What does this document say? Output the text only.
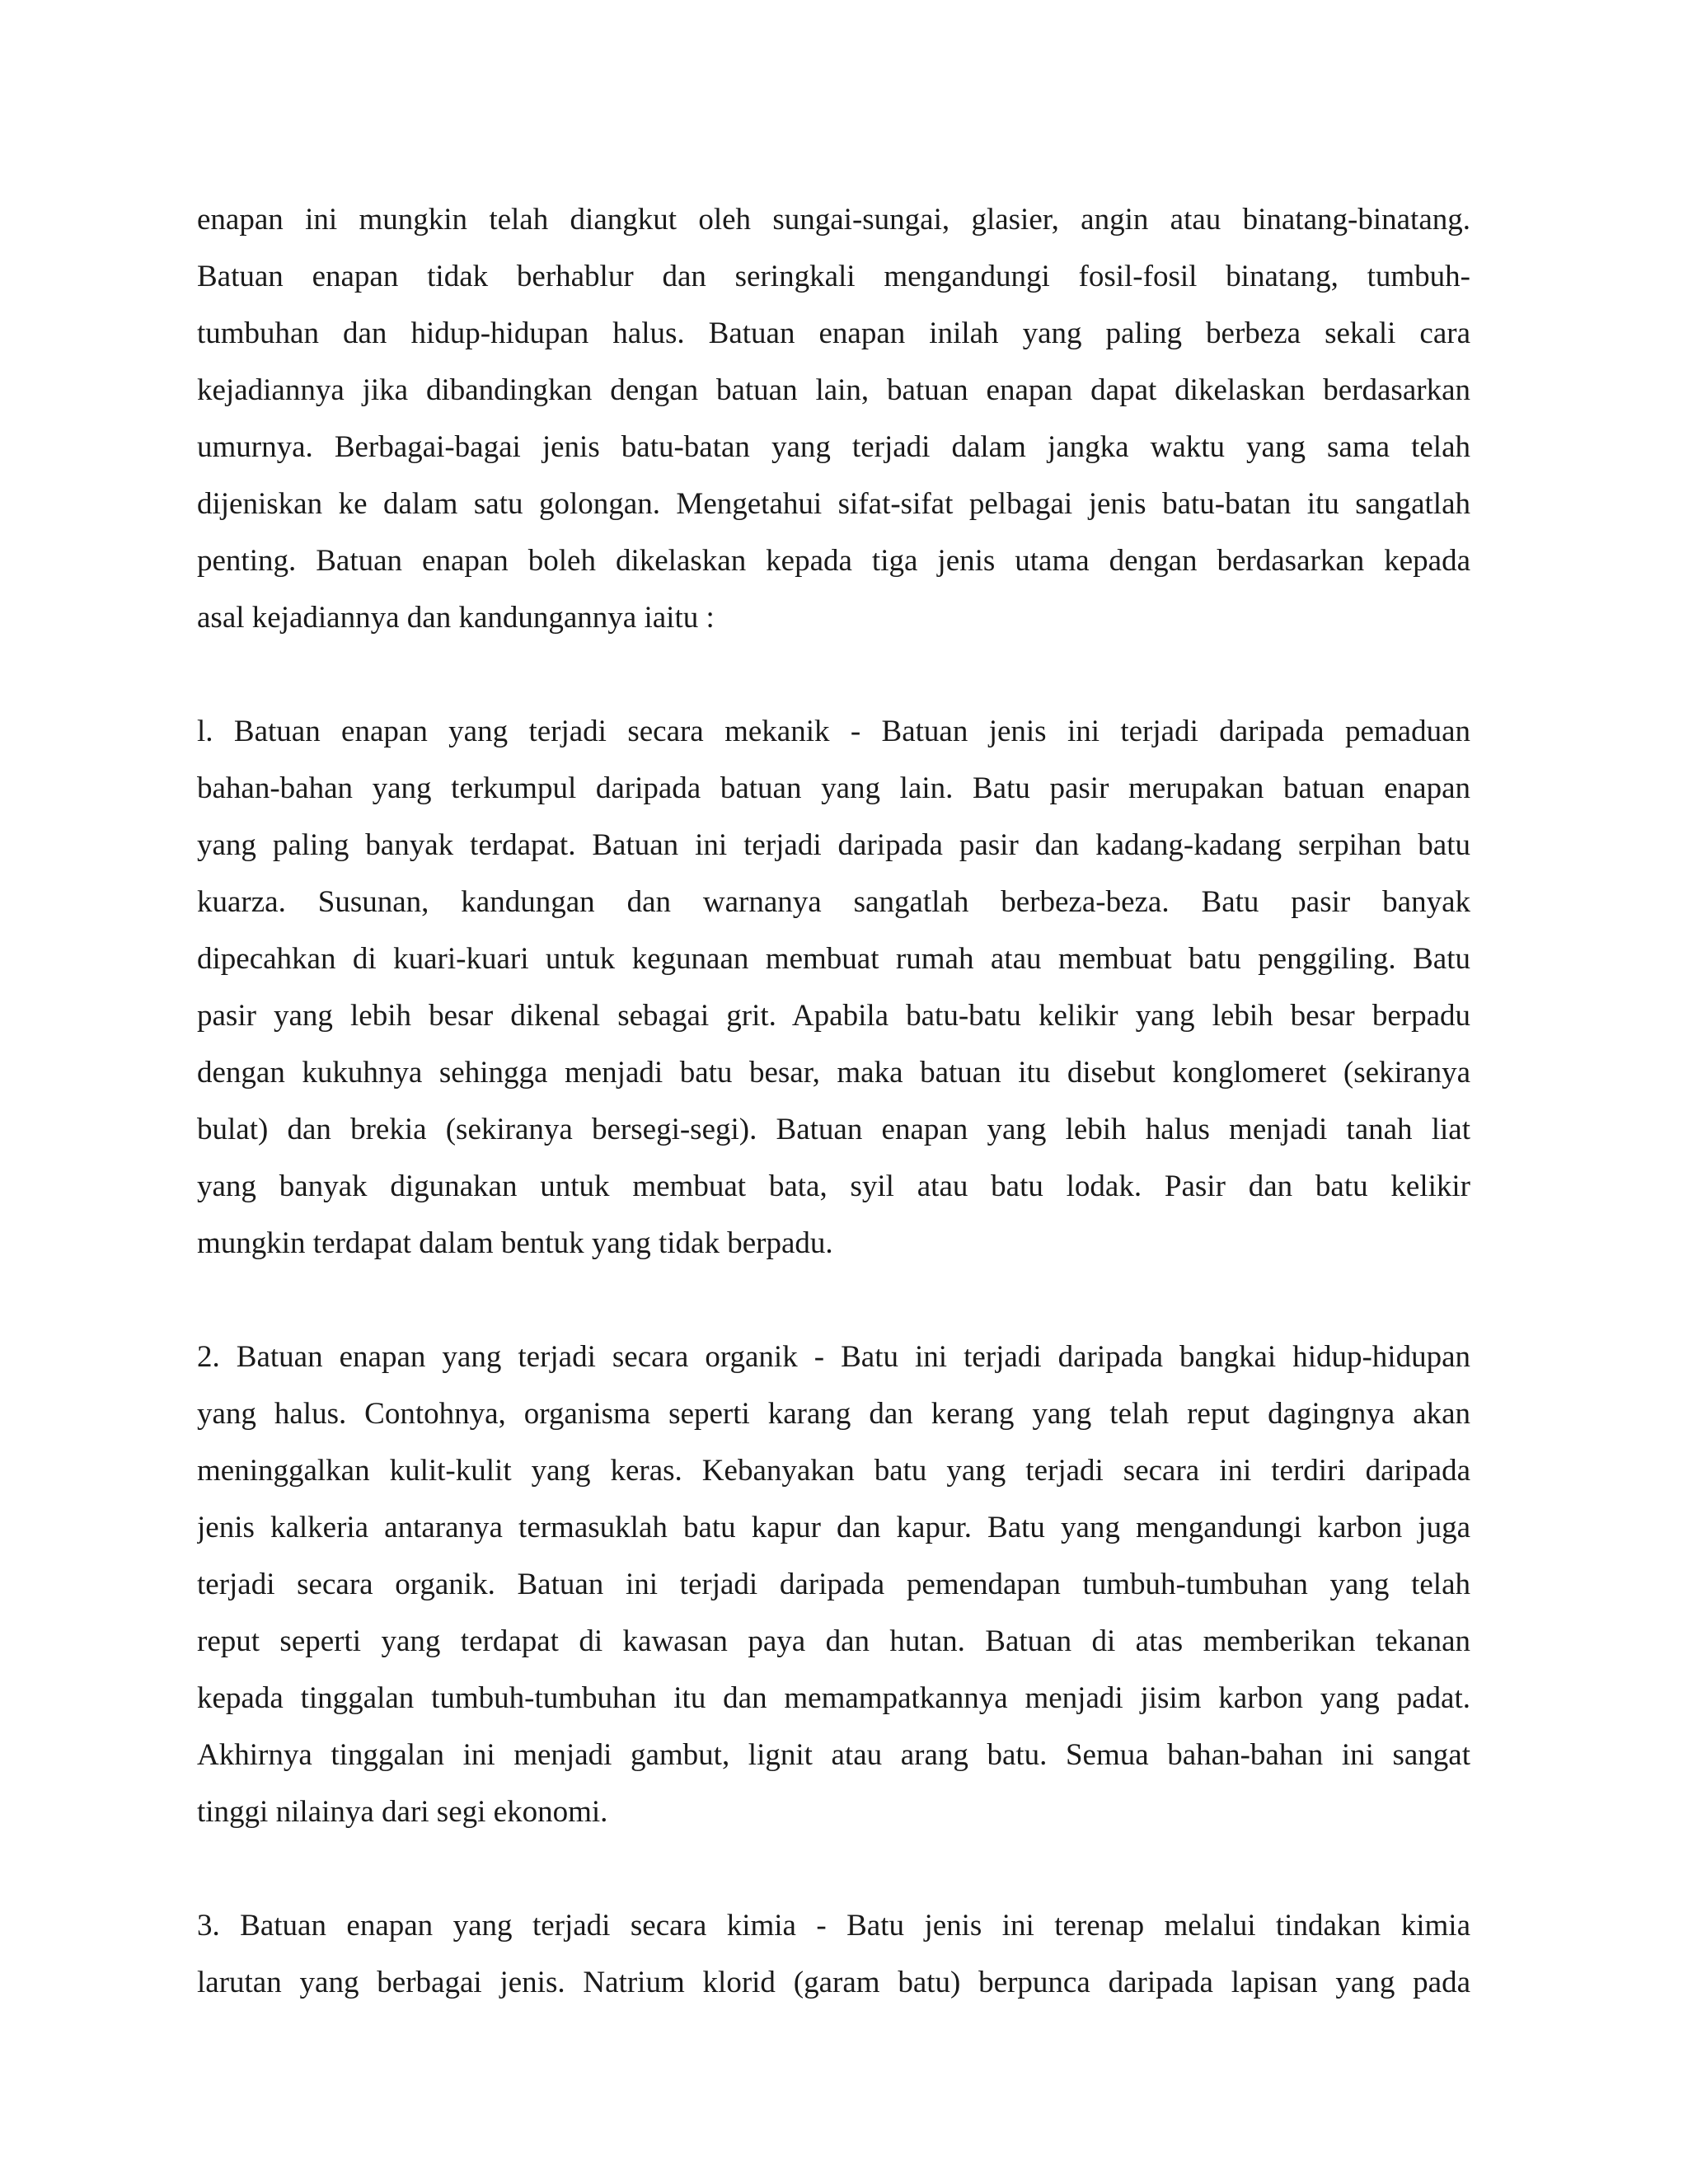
enapan ini mungkin telah diangkut oleh sungai-sungai, glasier, angin atau binatang-binatang.
Batuan enapan tidak berhablur dan seringkali mengandungi fosil-fosil binatang, tumbuh-
tumbuhan dan hidup-hidupan halus. Batuan enapan inilah yang paling berbeza sekali cara
kejadiannya jika dibandingkan dengan batuan lain, batuan enapan dapat dikelaskan berdasarkan
umurnya. Berbagai-bagai jenis batu-batan yang terjadi dalam jangka waktu yang sama telah
dijeniskan ke dalam satu golongan. Mengetahui sifat-sifat pelbagai jenis batu-batan itu sangatlah
penting. Batuan enapan boleh dikelaskan kepada tiga jenis utama dengan berdasarkan kepada
asal kejadiannya dan kandungannya iaitu :
l. Batuan enapan yang terjadi secara mekanik - Batuan jenis ini terjadi daripada pemaduan
bahan-bahan yang terkumpul daripada batuan yang lain. Batu pasir merupakan batuan enapan
yang paling banyak terdapat. Batuan ini terjadi daripada pasir dan kadang-kadang serpihan batu
kuarza. Susunan, kandungan dan warnanya sangatlah berbeza-beza. Batu pasir banyak
dipecahkan di kuari-kuari untuk kegunaan membuat rumah atau membuat batu penggiling. Batu
pasir yang lebih besar dikenal sebagai grit. Apabila batu-batu kelikir yang lebih besar berpadu
dengan kukuhnya sehingga menjadi batu besar, maka batuan itu disebut konglomeret (sekiranya
bulat) dan brekia (sekiranya bersegi-segi). Batuan enapan yang lebih halus menjadi tanah liat
yang banyak digunakan untuk membuat bata, syil atau batu lodak. Pasir dan batu kelikir
mungkin terdapat dalam bentuk yang tidak berpadu.
2. Batuan enapan yang terjadi secara organik - Batu ini terjadi daripada bangkai hidup-hidupan
yang halus. Contohnya, organisma seperti karang dan kerang yang telah reput dagingnya akan
meninggalkan kulit-kulit yang keras. Kebanyakan batu yang terjadi secara ini terdiri daripada
jenis kalkeria antaranya termasuklah batu kapur dan kapur. Batu yang mengandungi karbon juga
terjadi secara organik. Batuan ini terjadi daripada pemendapan tumbuh-tumbuhan yang telah
reput seperti yang terdapat di kawasan paya dan hutan. Batuan di atas memberikan tekanan
kepada tinggalan tumbuh-tumbuhan itu dan memampatkannya menjadi jisim karbon yang padat.
Akhirnya tinggalan ini menjadi gambut, lignit atau arang batu. Semua bahan-bahan ini sangat
tinggi nilainya dari segi ekonomi.
3. Batuan enapan yang terjadi secara kimia - Batu jenis ini terenap melalui tindakan kimia
larutan yang berbagai jenis. Natrium klorid (garam batu) berpunca daripada lapisan yang pada
